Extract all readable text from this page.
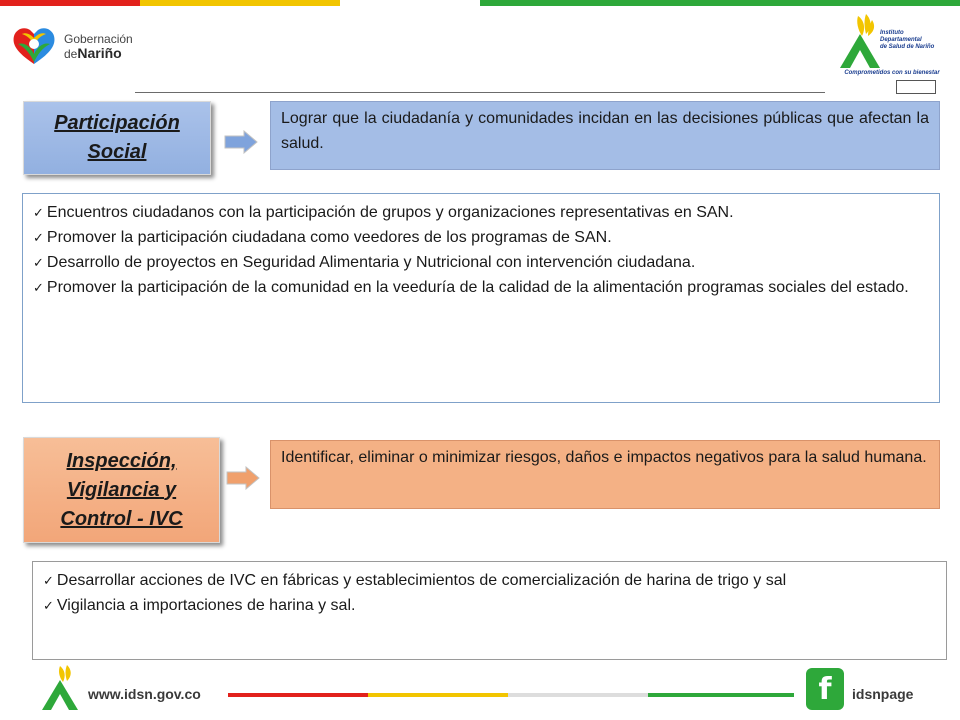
Gobernación
deNariño
Instituto
Departamental
de Salud de Nariño
Comprometidos con su bienestar
Participación
Social
Lograr que la ciudadanía y comunidades incidan en las decisiones públicas que afectan la salud.
✓ Encuentros ciudadanos con la participación de grupos y organizaciones representativas en SAN.
✓ Promover la participación ciudadana como veedores de los programas de SAN.
✓ Desarrollo de proyectos en Seguridad Alimentaria y Nutricional con intervención ciudadana.
✓ Promover la participación de la comunidad en la veeduría de la calidad de la alimentación programas sociales del estado.
Inspección,
Vigilancia y
Control - IVC
Identificar, eliminar o minimizar riesgos, daños e impactos negativos para la salud humana.
✓ Desarrollar acciones de IVC en fábricas y establecimientos de comercialización de harina de trigo y sal
✓ Vigilancia a importaciones de harina y sal.
www.idsn.gov.co	f	idsnpage
